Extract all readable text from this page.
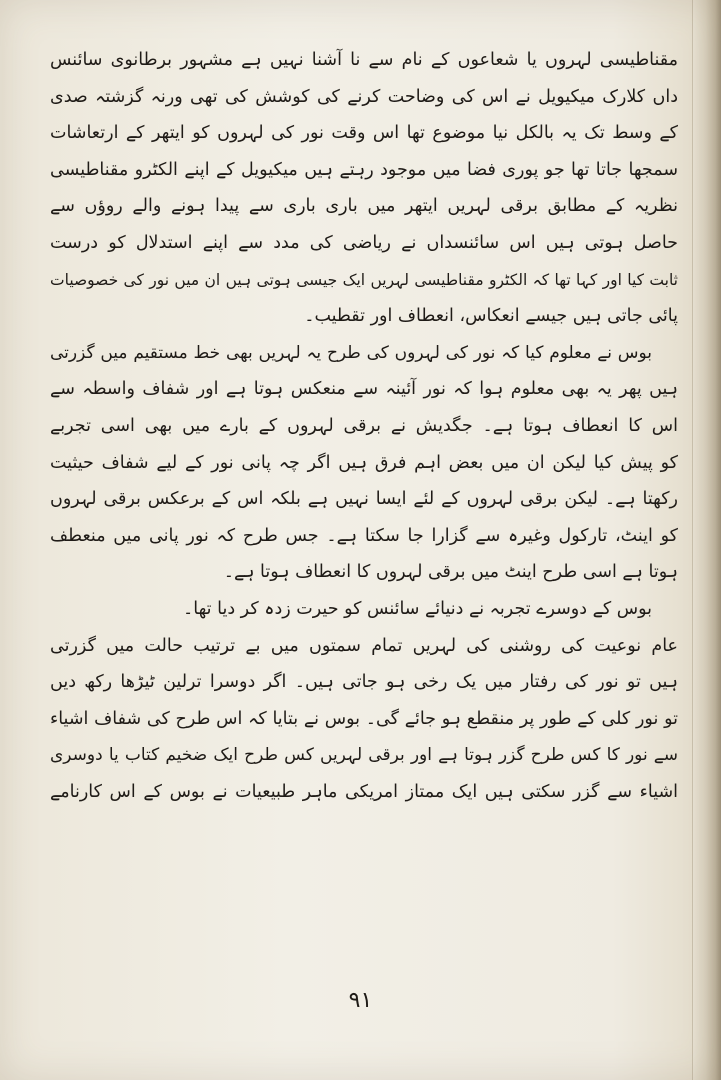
مقناطیسی لہروں یا شعاعوں کے نام سے نا آشنا نہیں ہے مشہور برطانوی سائنس
داں کلارک میکیویل نے اس کی وضاحت کرنے کی کوشش کی تھی ورنہ گزشتہ صدی
کے وسط تک یہ بالکل نیا موضوع تھا اس وقت نور کی لہروں کو ایتھر کے ارتعاشات
سمجھا جاتا تھا جو پوری فضا میں موجود رہتے ہیں میکیویل کے اپنے الکٹرو مقناطیسی
نظریہ کے مطابق برقی لہریں ایتھر میں باری باری سے پیدا ہونے والے روؤں سے
حاصل ہوتی ہیں اس سائنسداں نے ریاضی کی مدد سے اپنے استدلال کو درست
ثابت کیا اور کہا تھا کہ الکٹرو مقناطیسی لہریں ایک جیسی ہوتی ہیں ان میں نور کی خصوصیات
پائی جاتی ہیں جیسے انعکاس، انعطاف اور تقطیب۔
بوس نے معلوم کیا کہ نور کی لہروں کی طرح یہ لہریں بھی خط مستقیم میں گزرتی
ہیں پھر یہ بھی معلوم ہوا کہ نور آئینہ سے منعکس ہوتا ہے اور شفاف واسطہ سے
اس کا انعطاف ہوتا ہے۔ جگدیش نے برقی لہروں کے بارے میں بھی اسی تجربے
کو پیش کیا لیکن ان میں بعض اہم فرق ہیں اگر چہ پانی نور کے لیے شفاف حیثیت
رکھتا ہے۔ لیکن برقی لہروں کے لئے ایسا نہیں ہے بلکہ اس کے برعکس برقی لہروں
کو اینٹ، تارکول وغیرہ سے گزارا جا سکتا ہے۔ جس طرح کہ نور پانی میں منعطف
ہوتا ہے اسی طرح اینٹ میں برقی لہروں کا انعطاف ہوتا ہے۔
بوس کے دوسرے تجربہ نے دنیائے سائنس کو حیرت زدہ کر دیا تھا۔
عام نوعیت کی روشنی کی لہریں تمام سمتوں میں بے ترتیب حالت میں گزرتی
ہیں تو نور کی رفتار میں یک رخی ہو جاتی ہیں۔ اگر دوسرا ترلین ٹیڑھا رکھ دیں
تو نور کلی کے طور پر منقطع ہو جائے گی۔ بوس نے بتایا کہ اس طرح کی شفاف اشیاء
سے نور کا کس طرح گزر ہوتا ہے اور برقی لہریں کس طرح ایک ضخیم کتاب یا دوسری
اشیاء سے گزر سکتی ہیں ایک ممتاز امریکی ماہر طبیعیات نے بوس کے اس کارنامے
۹۱
